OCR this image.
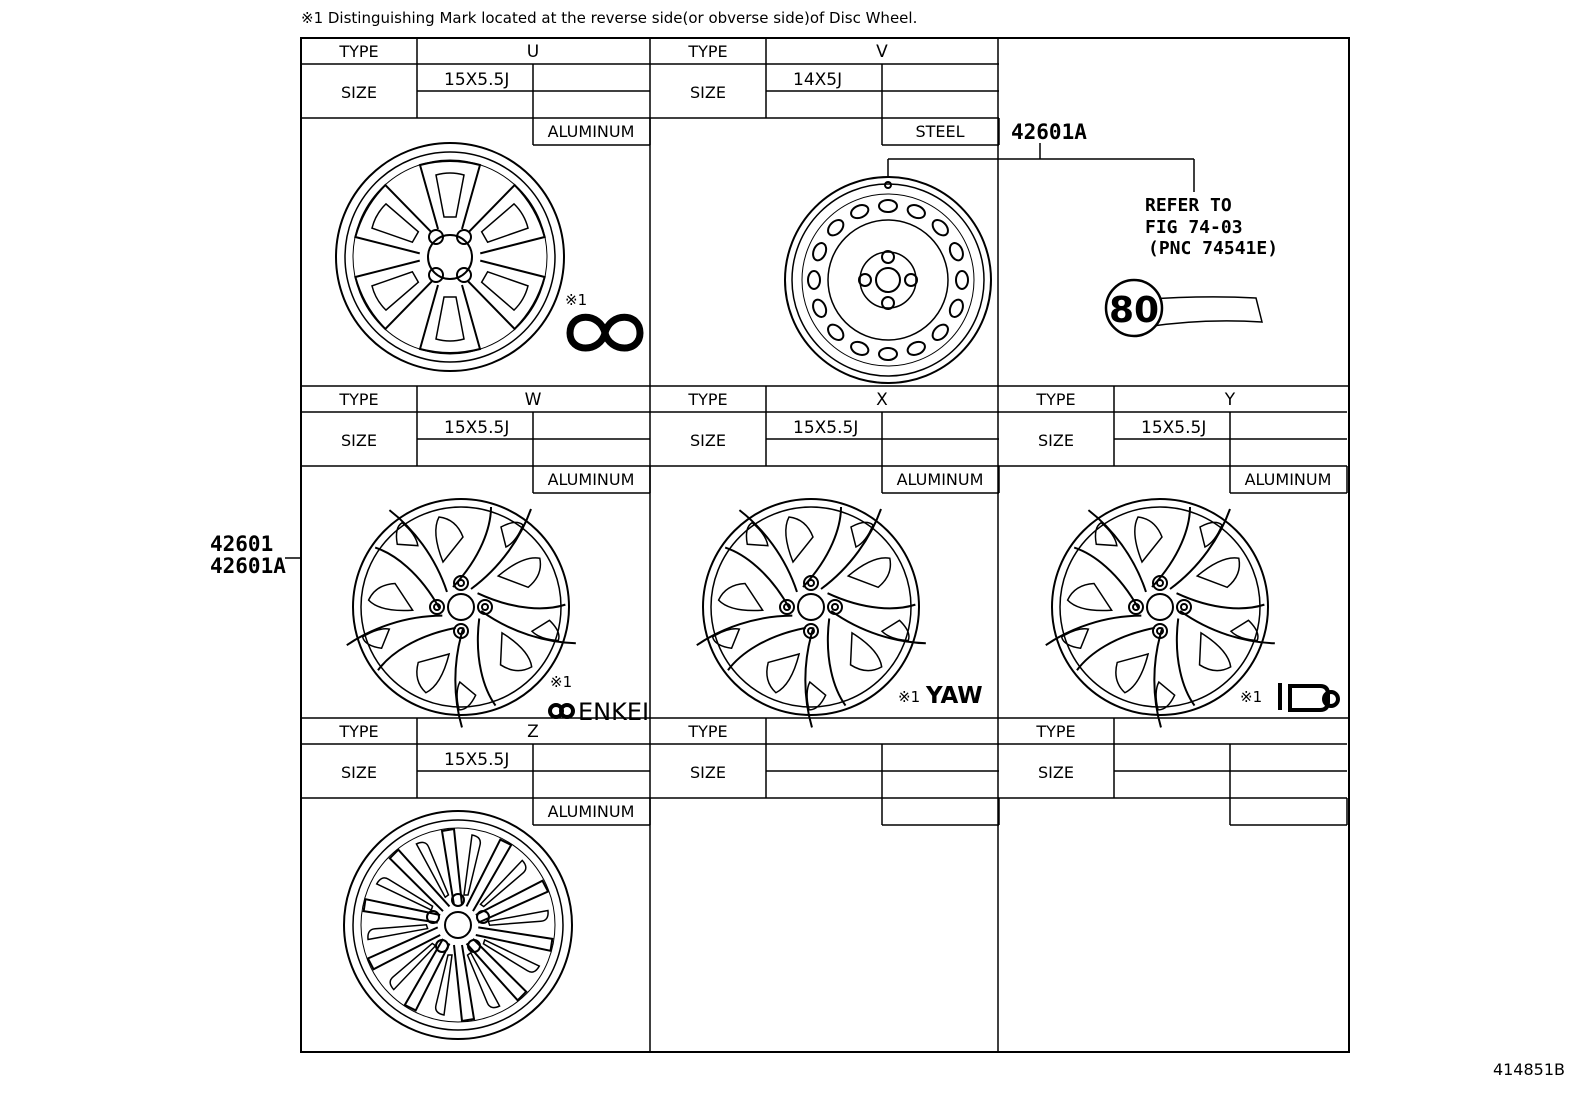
※1 Distinguishing Mark located at the reverse side(or obverse side)of Disc Wheel.
TYPE
SIZE
U
15X5.5J
ALUMINUM
TYPE
SIZE
V
14X5J
STEEL
TYPE
SIZE
W
15X5.5J
ALUMINUM
TYPE
SIZE
X
15X5.5J
ALUMINUM
TYPE
SIZE
Y
15X5.5J
ALUMINUM
TYPE
SIZE
Z
15X5.5J
ALUMINUM
TYPE
SIZE
TYPE
SIZE
※1
42601A
REFER TO
FIG 74-03
(PNC 74541E)
80
※1
ENKEI
※1 YAW	※1
42601
42601A
414851B
